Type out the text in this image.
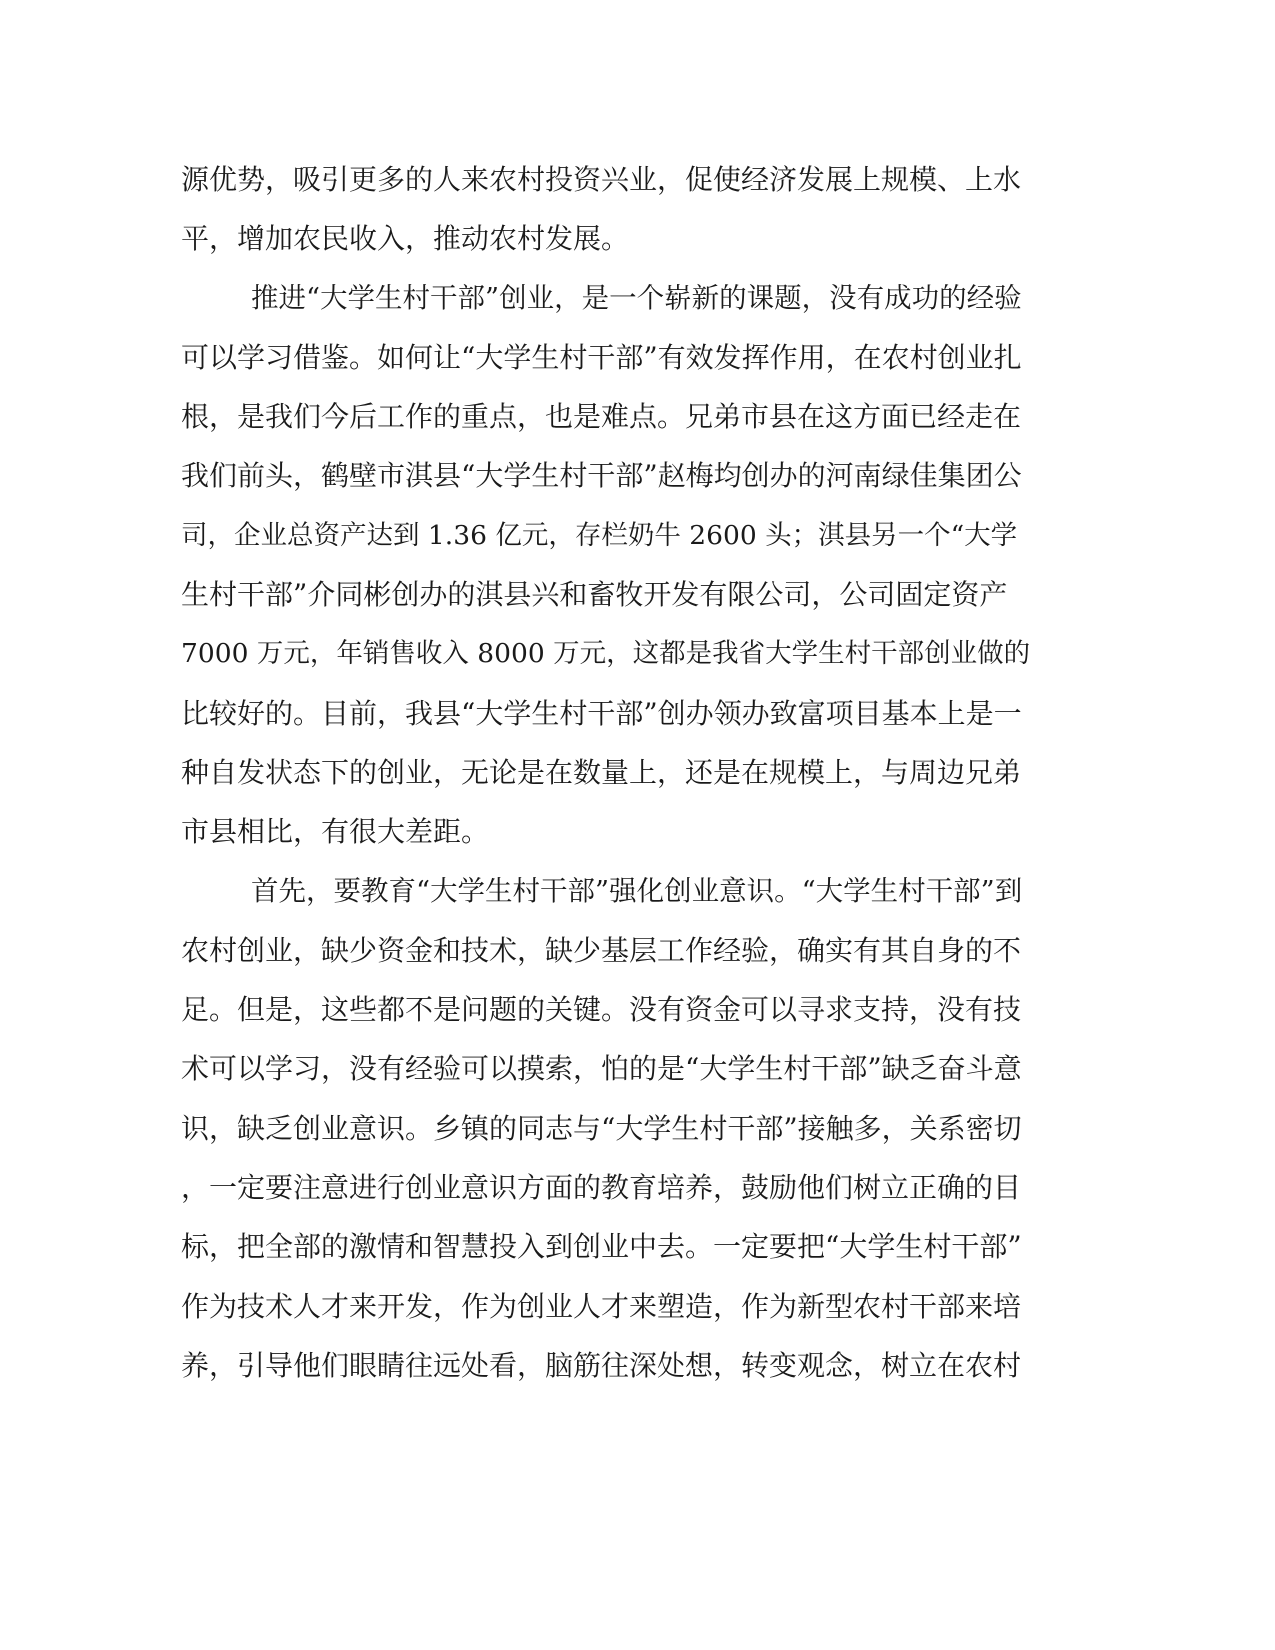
源优势，吸引更多的人来农村投资兴业，促使经济发展上规模、上水
平，增加农民收入，推动农村发展。
推进“大学生村干部”创业，是一个崭新的课题，没有成功的经验
可以学习借鉴。如何让“大学生村干部”有效发挥作用，在农村创业扎
根，是我们今后工作的重点，也是难点。兄弟市县在这方面已经走在
我们前头，鹤壁市淇县“大学生村干部”赵梅均创办的河南绿佳集团公
司，企业总资产达到 1.36 亿元，存栏奶牛 2600 头；淇县另一个“大学
生村干部”介同彬创办的淇县兴和畜牧开发有限公司，公司固定资产
7000 万元，年销售收入 8000 万元，这都是我省大学生村干部创业做的
比较好的。目前，我县“大学生村干部”创办领办致富项目基本上是一
种自发状态下的创业，无论是在数量上，还是在规模上，与周边兄弟
市县相比，有很大差距。
首先，要教育“大学生村干部”强化创业意识。“大学生村干部”到
农村创业，缺少资金和技术，缺少基层工作经验，确实有其自身的不
足。但是，这些都不是问题的关键。没有资金可以寻求支持，没有技
术可以学习，没有经验可以摸索，怕的是“大学生村干部”缺乏奋斗意
识，缺乏创业意识。乡镇的同志与“大学生村干部”接触多，关系密切
，一定要注意进行创业意识方面的教育培养，鼓励他们树立正确的目
标，把全部的激情和智慧投入到创业中去。一定要把“大学生村干部”
作为技术人才来开发，作为创业人才来塑造，作为新型农村干部来培
养，引导他们眼睛往远处看，脑筋往深处想，转变观念，树立在农村
